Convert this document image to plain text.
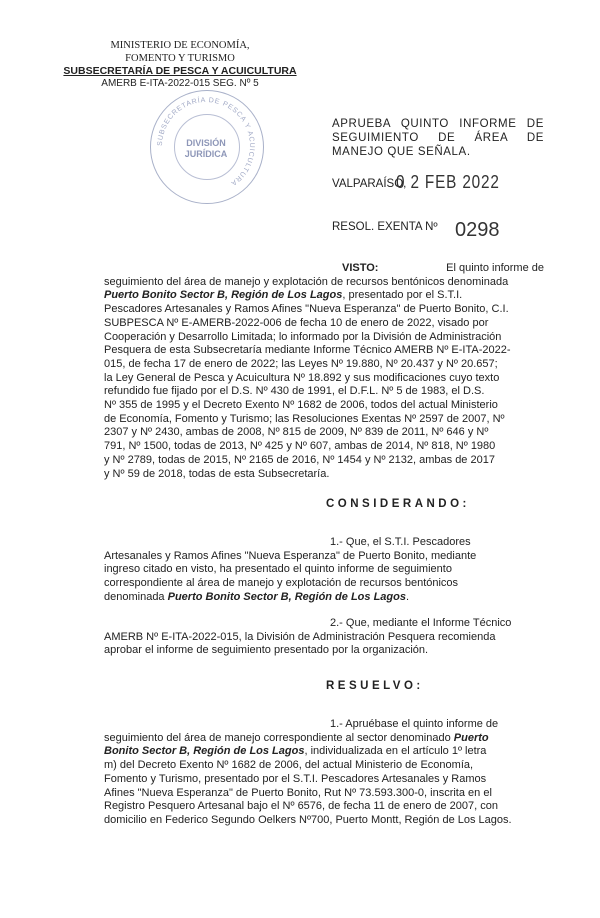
MINISTERIO DE ECONOMÍA,
FOMENTO Y TURISMO
SUBSECRETARÍA DE PESCA Y ACUICULTURA
AMERB E-ITA-2022-015 SEG. Nº 5
SUBSECRETARÍA DE PESCA Y ACUICULTURA
DIVISIÓN
JURÍDICA
APRUEBA QUINTO INFORME DE SEGUIMIENTO DE ÁREA DE MANEJO QUE SEÑALA.
VALPARAÍSO,
0 2 FEB 2022
RESOL. EXENTA Nº 0298
VISTO:	El quinto informe de
seguimiento del área de manejo y explotación de recursos bentónicos denominada
Puerto Bonito Sector B, Región de Los Lagos, presentado por el S.T.I.
Pescadores Artesanales y Ramos Afines "Nueva Esperanza" de Puerto Bonito, C.I.
SUBPESCA Nº E-AMERB-2022-006 de fecha 10 de enero de 2022, visado por
Cooperación y Desarrollo Limitada; lo informado por la División de Administración
Pesquera de esta Subsecretaría mediante Informe Técnico AMERB Nº E-ITA-2022-
015, de fecha 17 de enero de 2022; las Leyes Nº 19.880, Nº 20.437 y Nº 20.657;
la Ley General de Pesca y Acuicultura Nº 18.892 y sus modificaciones cuyo texto
refundido fue fijado por el D.S. Nº 430 de 1991, el D.F.L. Nº 5 de 1983, el D.S.
Nº 355 de 1995 y el Decreto Exento Nº 1682 de 2006, todos del actual Ministerio
de Economía, Fomento y Turismo; las Resoluciones Exentas Nº 2597 de 2007, Nº
2307 y Nº 2430, ambas de 2008, Nº 815 de 2009, Nº 839 de 2011, Nº 646 y Nº
791, Nº 1500, todas de 2013, Nº 425 y Nº 607, ambas de 2014, Nº 818, Nº 1980
y Nº 2789, todas de 2015, Nº 2165 de 2016, Nº 1454 y Nº 2132, ambas de 2017
y Nº 59 de 2018, todas de esta Subsecretaría.
CONSIDERANDO:
1.- Que, el S.T.I. Pescadores
Artesanales y Ramos Afines "Nueva Esperanza" de Puerto Bonito, mediante
ingreso citado en visto, ha presentado el quinto informe de seguimiento
correspondiente al área de manejo y explotación de recursos bentónicos
denominada Puerto Bonito Sector B, Región de Los Lagos.
2.- Que, mediante el Informe Técnico
AMERB Nº E-ITA-2022-015, la División de Administración Pesquera recomienda
aprobar el informe de seguimiento presentado por la organización.
RESUELVO:
1.- Apruébase el quinto informe de
seguimiento del área de manejo correspondiente al sector denominado Puerto
Bonito Sector B, Región de Los Lagos, individualizada en el artículo 1º letra
m) del Decreto Exento Nº 1682 de 2006, del actual Ministerio de Economía,
Fomento y Turismo, presentado por el S.T.I. Pescadores Artesanales y Ramos
Afines "Nueva Esperanza" de Puerto Bonito, Rut Nº 73.593.300-0, inscrita en el
Registro Pesquero Artesanal bajo el Nº 6576, de fecha 11 de enero de 2007, con
domicilio en Federico Segundo Oelkers Nº700, Puerto Montt, Región de Los Lagos.
